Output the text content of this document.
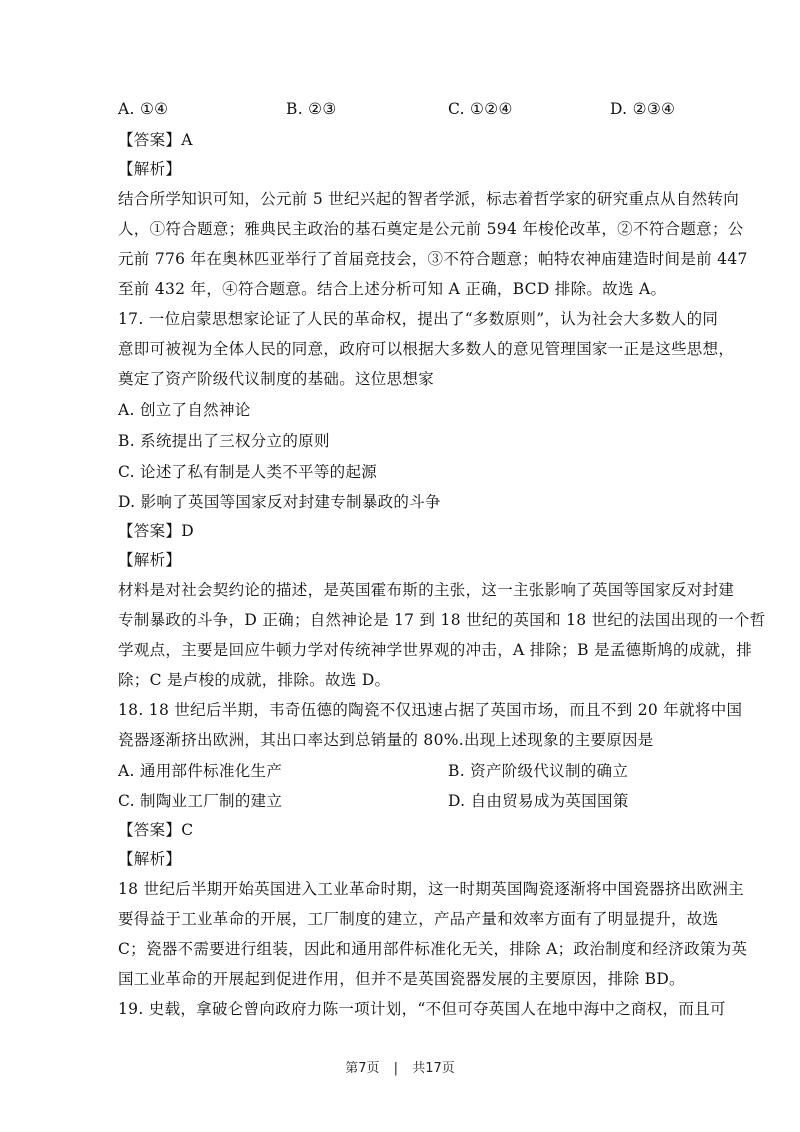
A. ①④	B. ②③	C. ①②④	D. ②③④
【答案】A
【解析】
结合所学知识可知，公元前 5 世纪兴起的智者学派，标志着哲学家的研究重点从自然转向
人，①符合题意；雅典民主政治的基石奠定是公元前 594 年梭伦改革，②不符合题意；公
元前 776 年在奥林匹亚举行了首届竞技会，③不符合题意；帕特农神庙建造时间是前 447
至前 432 年，④符合题意。结合上述分析可知 A 正确，BCD 排除。故选 A。
17. 一位启蒙思想家论证了人民的革命权，提出了“多数原则”，认为社会大多数人的同
意即可被视为全体人民的同意，政府可以根据大多数人的意见管理国家一正是这些思想，
奠定了资产阶级代议制度的基础。这位思想家
A. 创立了自然神论
B. 系统提出了三权分立的原则
C. 论述了私有制是人类不平等的起源
D. 影响了英国等国家反对封建专制暴政的斗争
【答案】D
【解析】
材料是对社会契约论的描述，是英国霍布斯的主张，这一主张影响了英国等国家反对封建
专制暴政的斗争，D 正确；自然神论是 17 到 18 世纪的英国和 18 世纪的法国出现的一个哲
学观点，主要是回应牛顿力学对传统神学世界观的冲击，A 排除；B 是孟德斯鸠的成就，排
除；C 是卢梭的成就，排除。故选 D。
18. 18 世纪后半期，韦奇伍德的陶瓷不仅迅速占据了英国市场，而且不到 20 年就将中国
瓷器逐渐挤出欧洲，其出口率达到总销量的 80%.出现上述现象的主要原因是
A. 通用部件标准化生产	B. 资产阶级代议制的确立
C. 制陶业工厂制的建立	D. 自由贸易成为英国国策
【答案】C
【解析】
18 世纪后半期开始英国进入工业革命时期，这一时期英国陶瓷逐渐将中国瓷器挤出欧洲主
要得益于工业革命的开展，工厂制度的建立，产品产量和效率方面有了明显提升，故选
C；瓷器不需要进行组装，因此和通用部件标准化无关，排除 A；政治制度和经济政策为英
国工业革命的开展起到促进作用，但并不是英国瓷器发展的主要原因，排除 BD。
19. 史载，拿破仑曾向政府力陈一项计划，“不但可夺英国人在地中海中之商权，而且可
第7页 | 共17页
